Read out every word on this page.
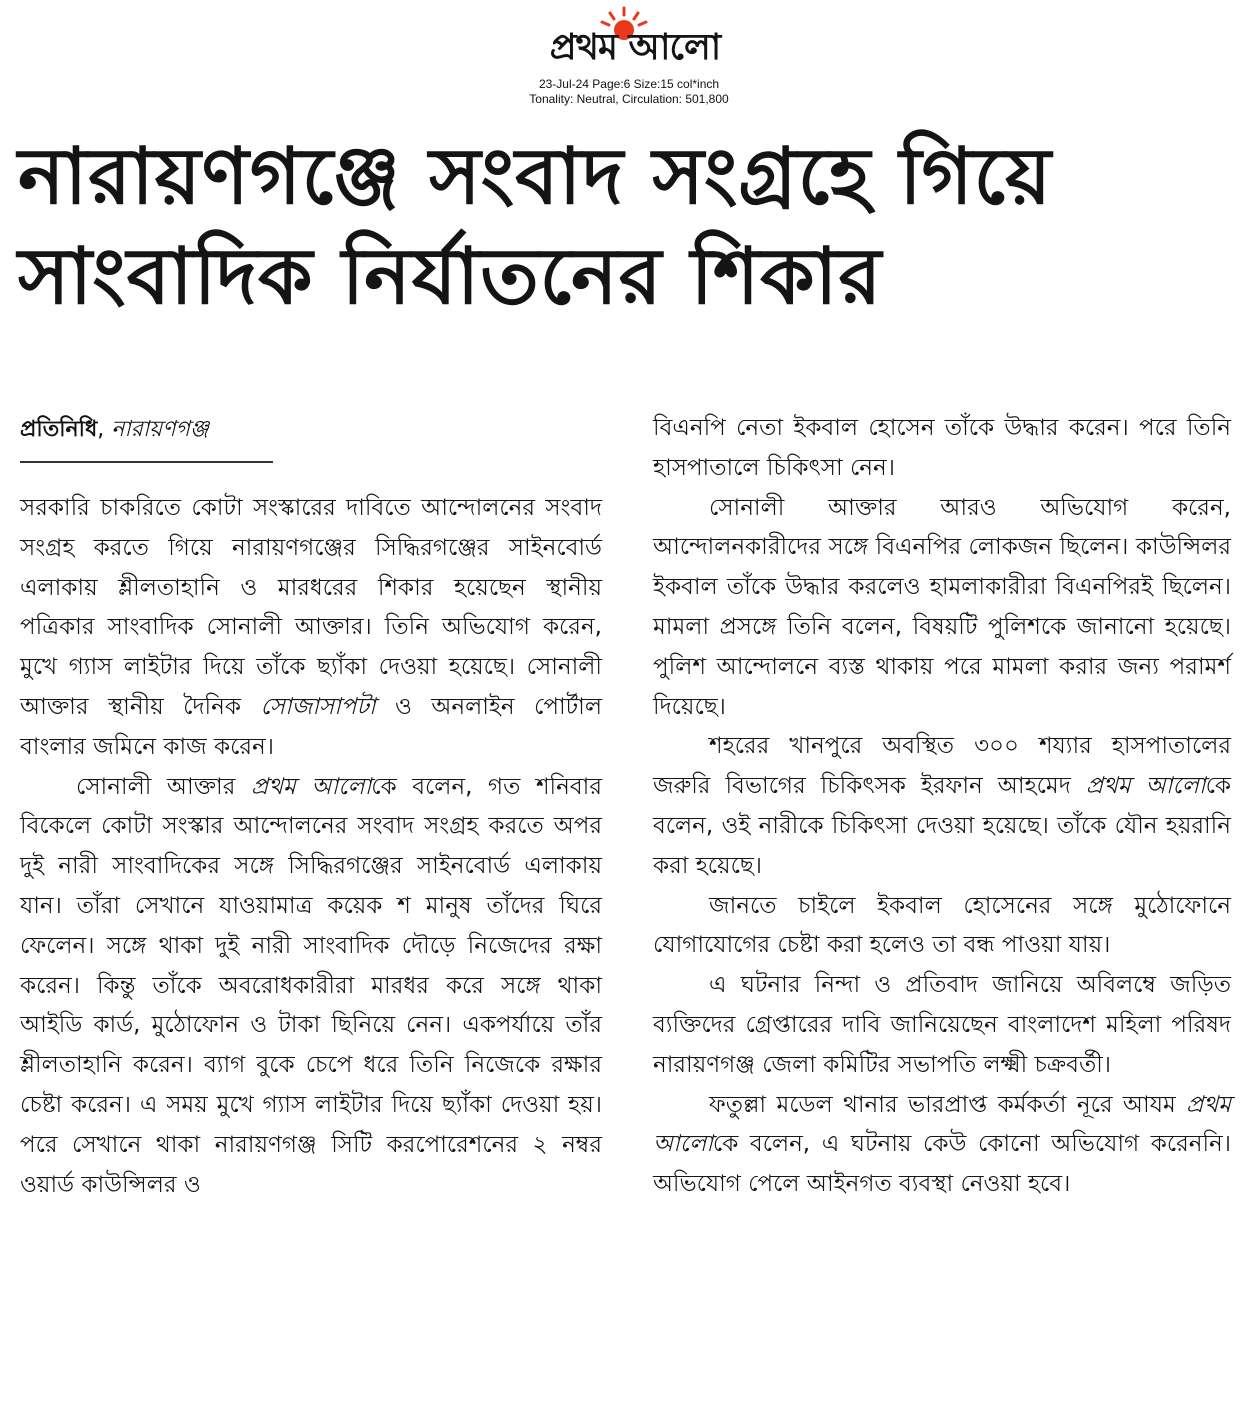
প্রথম আলো
23-Jul-24 Page:6 Size:15 col*inch
Tonality: Neutral, Circulation: 501,800
নারায়ণগঞ্জে সংবাদ সংগ্রহে গিয়ে
সাংবাদিক নির্যাতনের শিকার
প্রতিনিধি, নারায়ণগঞ্জ

সরকারি চাকরিতে কোটা সংস্কারের দাবিতে আন্দোলনের সংবাদ সংগ্রহ করতে গিয়ে নারায়ণগঞ্জের সিদ্ধিরগঞ্জের সাইনবোর্ড এলাকায় শ্লীলতাহানি ও মারধরের শিকার হয়েছেন স্থানীয় পত্রিকার সাংবাদিক সোনালী আক্তার। তিনি অভিযোগ করেন, মুখে গ্যাস লাইটার দিয়ে তাঁকে ছ্যাঁকা দেওয়া হয়েছে। সোনালী আক্তার স্থানীয় দৈনিক সোজাসাপটা ও অনলাইন পোর্টাল বাংলার জমিনে কাজ করেন।

সোনালী আক্তার প্রথম আলোকে বলেন, গত শনিবার বিকেলে কোটা সংস্কার আন্দোলনের সংবাদ সংগ্রহ করতে অপর দুই নারী সাংবাদিকের সঙ্গে সিদ্ধিরগঞ্জের সাইনবোর্ড এলাকায় যান। তাঁরা সেখানে যাওয়ামাত্র কয়েক শ মানুষ তাঁদের ঘিরে ফেলেন। সঙ্গে থাকা দুই নারী সাংবাদিক দৌড়ে নিজেদের রক্ষা করেন। কিন্তু তাঁকে অবরোধকারীরা মারধর করে সঙ্গে থাকা আইডি কার্ড, মুঠোফোন ও টাকা ছিনিয়ে নেন। একপর্যায়ে তাঁর শ্লীলতাহানি করেন। ব্যাগ বুকে চেপে ধরে তিনি নিজেকে রক্ষার চেষ্টা করেন। এ সময় মুখে গ্যাস লাইটার দিয়ে ছ্যাঁকা দেওয়া হয়। পরে সেখানে থাকা নারায়ণগঞ্জ সিটি করপোরেশনের ২ নম্বর ওয়ার্ড কাউন্সিলর ও

বিএনপি নেতা ইকবাল হোসেন তাঁকে উদ্ধার করেন। পরে তিনি হাসপাতালে চিকিৎসা নেন।

সোনালী আক্তার আরও অভিযোগ করেন, আন্দোলনকারীদের সঙ্গে বিএনপির লোকজন ছিলেন। কাউন্সিলর ইকবাল তাঁকে উদ্ধার করলেও হামলাকারীরা বিএনপিরই ছিলেন। মামলা প্রসঙ্গে তিনি বলেন, বিষয়টি পুলিশকে জানানো হয়েছে। পুলিশ আন্দোলনে ব্যস্ত থাকায় পরে মামলা করার জন্য পরামর্শ দিয়েছে।

শহরের খানপুরে অবস্থিত ৩০০ শয্যার হাসপাতালের জরুরি বিভাগের চিকিৎসক ইরফান আহমেদ প্রথম আলোকে বলেন, ওই নারীকে চিকিৎসা দেওয়া হয়েছে। তাঁকে যৌন হয়রানি করা হয়েছে।

জানতে চাইলে ইকবাল হোসেনের সঙ্গে মুঠোফোনে যোগাযোগের চেষ্টা করা হলেও তা বন্ধ পাওয়া যায়।

এ ঘটনার নিন্দা ও প্রতিবাদ জানিয়ে অবিলম্বে জড়িত ব্যক্তিদের গ্রেপ্তারের দাবি জানিয়েছেন বাংলাদেশ মহিলা পরিষদ নারায়ণগঞ্জ জেলা কমিটির সভাপতি লক্ষ্মী চক্রবর্তী।

ফতুল্লা মডেল থানার ভারপ্রাপ্ত কর্মকর্তা নূরে আযম প্রথম আলোকে বলেন, এ ঘটনায় কেউ কোনো অভিযোগ করেননি। অভিযোগ পেলে আইনগত ব্যবস্থা নেওয়া হবে।
